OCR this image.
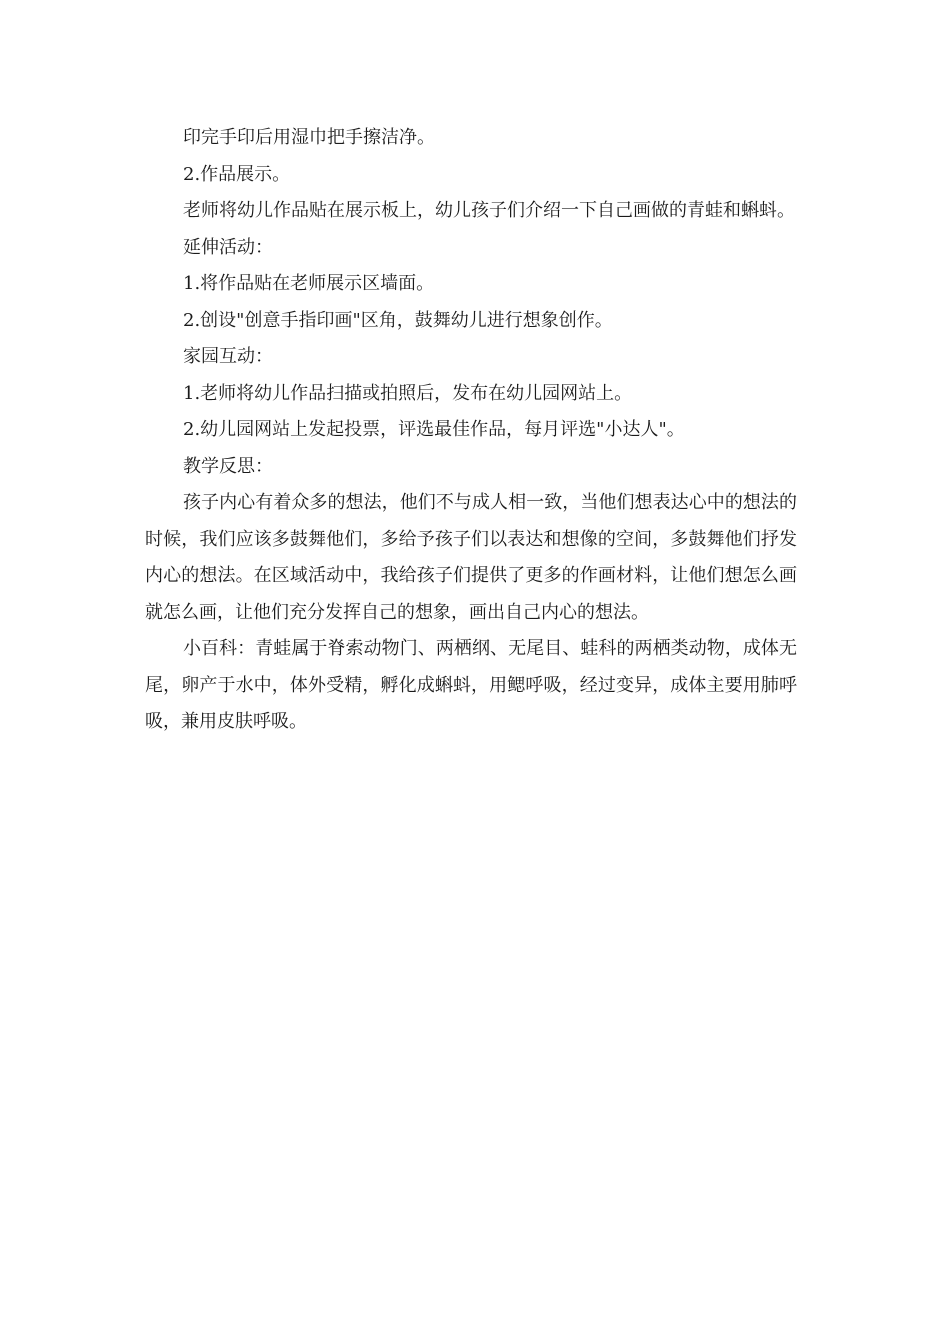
印完手印后用湿巾把手擦洁净。

2.作品展示。

老师将幼儿作品贴在展示板上，幼儿孩子们介绍一下自己画做的青蛙和蝌蚪。

延伸活动：

1.将作品贴在老师展示区墙面。

2.创设"创意手指印画"区角，鼓舞幼儿进行想象创作。

家园互动：

1.老师将幼儿作品扫描或拍照后，发布在幼儿园网站上。

2.幼儿园网站上发起投票，评选最佳作品，每月评选"小达人"。

教学反思：

孩子内心有着众多的想法，他们不与成人相一致，当他们想表达心中的想法的时候，我们应该多鼓舞他们，多给予孩子们以表达和想像的空间，多鼓舞他们抒发内心的想法。在区域活动中，我给孩子们提供了更多的作画材料，让他们想怎么画就怎么画，让他们充分发挥自己的想象，画出自己内心的想法。

小百科：青蛙属于脊索动物门、两栖纲、无尾目、蛙科的两栖类动物，成体无尾，卵产于水中，体外受精，孵化成蝌蚪，用鳃呼吸，经过变异，成体主要用肺呼吸，兼用皮肤呼吸。
